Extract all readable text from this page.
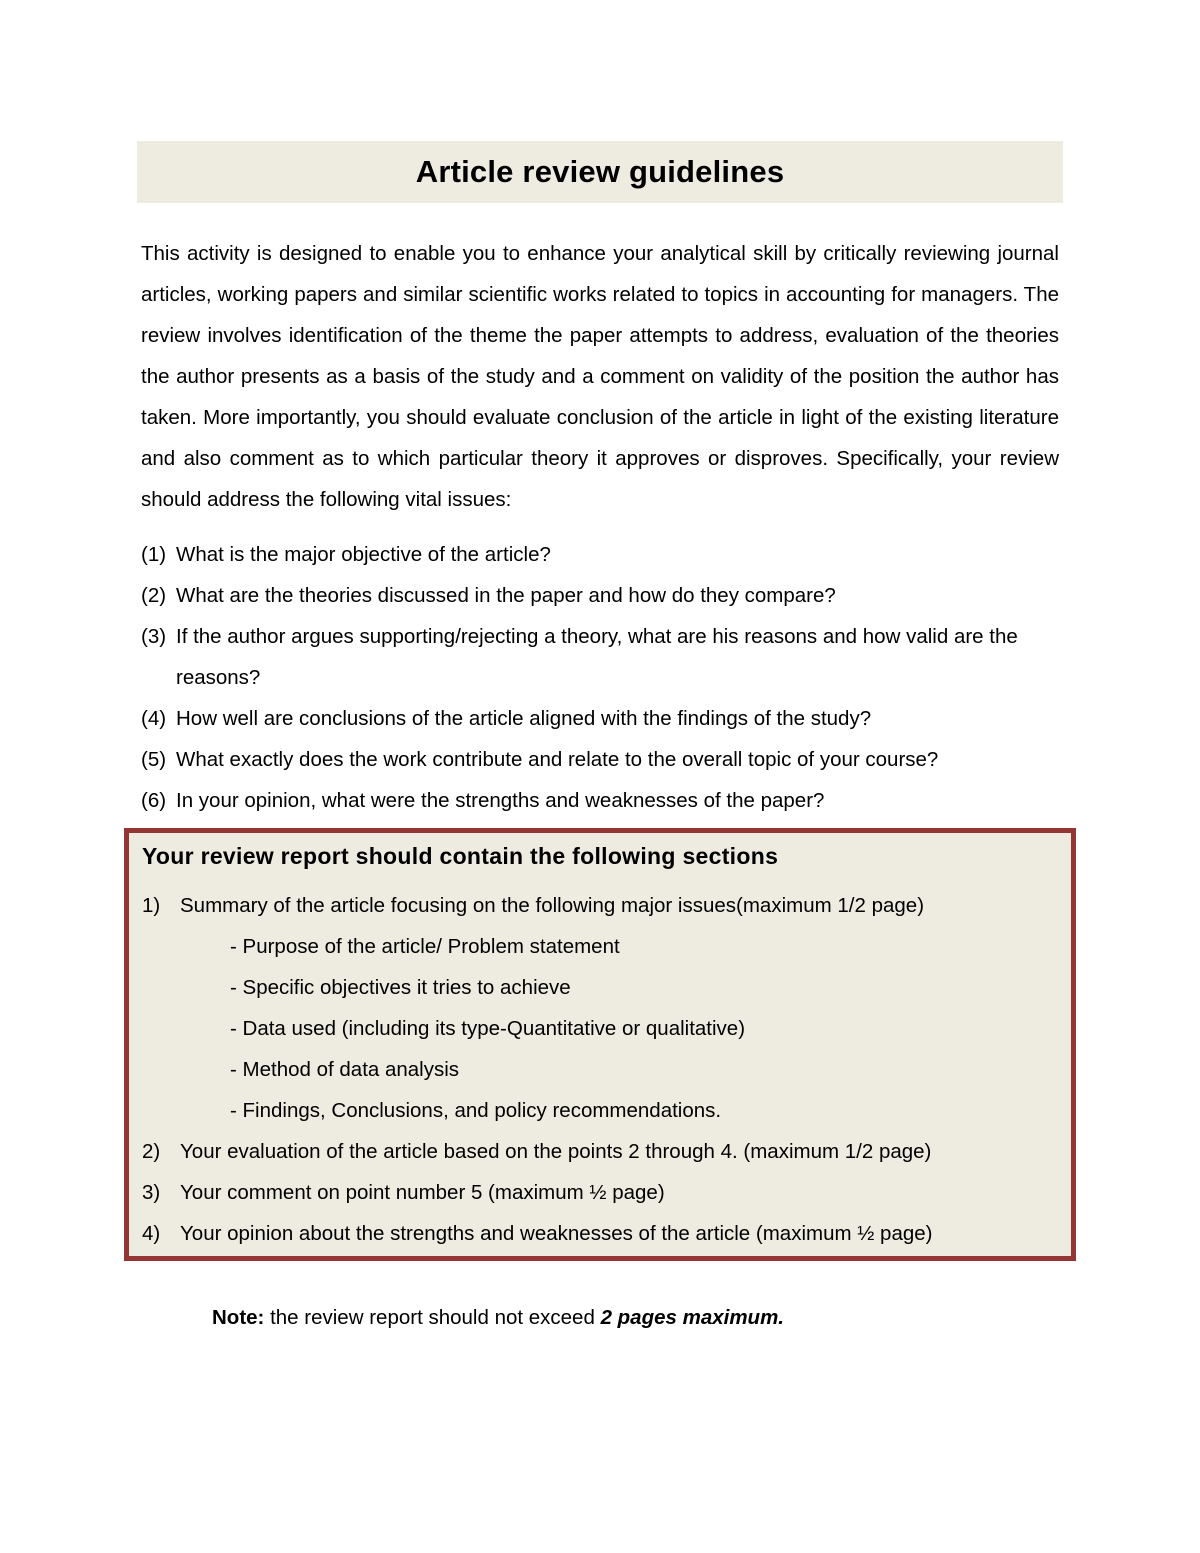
Article review guidelines

This activity is designed to enable you to enhance your analytical skill by critically reviewing journal articles, working papers and similar scientific works related to topics in accounting for managers. The review involves identification of the theme the paper attempts to address, evaluation of the theories the author presents as a basis of the study and a comment on validity of the position the author has taken. More importantly, you should evaluate conclusion of the article in light of the existing literature and also comment as to which particular theory it approves or disproves. Specifically, your review should address the following vital issues:

(1) What is the major objective of the article?
(2) What are the theories discussed in the paper and how do they compare?
(3) If the author argues supporting/rejecting a theory, what are his reasons and how valid are the reasons?
(4) How well are conclusions of the article aligned with the findings of the study?
(5) What exactly does the work contribute and relate to the overall topic of your course?
(6) In your opinion, what were the strengths and weaknesses of the paper?
Your review report should contain the following sections
1) Summary of the article focusing on the following major issues(maximum 1/2 page)
- Purpose of the article/ Problem statement
- Specific objectives it tries to achieve
- Data used (including its type-Quantitative or qualitative)
- Method of data analysis
- Findings, Conclusions, and policy recommendations.
2) Your evaluation of the article based on the points 2 through 4. (maximum 1/2 page)
3) Your comment on point number 5 (maximum ½ page)
4) Your opinion about the strengths and weaknesses of the article (maximum ½ page)

Note: the review report should not exceed 2 pages maximum.
